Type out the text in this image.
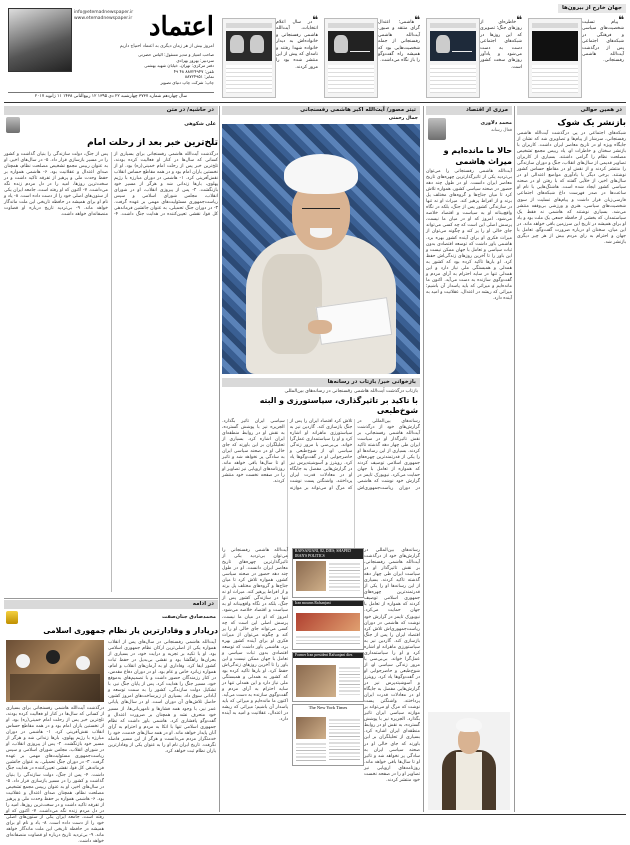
اعتماد
info@etemadnewspaper.ir
www.etemadnewspaper.ir
امروز بیش از هر زمان دیگری به اعتماد احتیاج داریم
صاحب امتیاز و مدیر مسئول: الیاس حضرتی
سردبیر: بهروز بهزادی
دفتر مرکزی: تهران، خیابان شهید بهشتی
تلفن: ۸۸۷۲۴۹۴۷ ۴۸ ۴۹
نمابر: ۸۸۷۲۴۹۵۱
چاپ: شرکت چاپ دنیای تصویر
سال چهاردهم شماره ۳۷۳۷ چهارشنبه ۲۲ دی ۱۳۹۵ ۱۲ ربیع‌الثانی ۱۴۳۸ ۱۱ ژانویه ۲۰۱۷
جهان خارج از بیرون‌ها
❝پیام تسلیت شخصیت‌های سیاسی و فرهنگی در شبکه‌های اجتماعی پس از درگذشت آیت‌الله هاشمی رفسنجانی.
❝خاطره‌ای از روزهای جنگ؛ تصویری که این روزها در شبکه‌های اجتماعی دست به دست می‌شود و یادآور روزهای سخت کشور است.
❝هاشمی؛ اعتدال گرای منتقد و صبور. آیت‌الله هاشمی رفسنجانی از جمله شخصیت‌هایی بود که همیشه راه گفت‌وگو را باز نگاه می‌داشت.
❝در سال اعلام انتخابات، آیت‌الله هاشمی رفسنجانی و خانواده‌اش به دیدار خانواده شهدا رفتند و نامه‌ای که پیش از این منتشر شده بود را مرور کردند.
در همین حوالی
بازنشر یک شوک
شبکه‌های اجتماعی در پی درگذشت آیت‌الله هاشمی رفسنجانی، سرشار از پیام‌ها و تصاویری شد که نشان از جایگاه ویژه او در تاریخ معاصر ایران داشت. کاربران با بازنشر سخنان و خاطرات او، یاد رییس مجمع تشخیص مصلحت نظام را گرامی داشتند. بسیاری از کاربران تصاویر قدیمی از سال‌های انقلاب، جنگ و دوران سازندگی را منتشر کردند و از نقش او در مقاطع حساس کشور نوشتند. برخی دیگر با یادآوری مواضع اعتدالی او در سال‌های اخیر، از خلأیی گفتند که با رفتن او در صحنه سیاسی کشور ایجاد شده است. هاشتگ‌هایی با نام او ساعت‌ها در صدر فهرست داغ شبکه‌های اجتماعی فارسی‌زبان قرار داشت و پیام‌های تسلیت از سوی شخصیت‌های سیاسی، هنری و ورزشی بی‌وقفه منتشر می‌شد. بسیاری نوشتند که هاشمی نه فقط یک سیاستمدار، که بخشی از حافظه جمعی یک ملت بود و یاد او برای همیشه در تاریخ این سرزمین باقی خواهد ماند. در این میان، سخنان او درباره ضرورت گفت‌وگو، تعامل با جهان و احترام به رای مردم بیش از هر چیز دیگری بازنشر شد.
مرزی از اقتصاد
محمد دلاوری
فعال رسانه
حالا ما مانده‌ایم و میراث هاشمی
آیت‌الله هاشمی رفسنجانی را می‌توان بی‌تردید یکی از تاثیرگذارترین چهره‌های تاریخ معاصر ایران دانست. او در طول چند دهه حضور در صحنه سیاسی کشور، همواره تلاش کرد تا میان جناح‌ها و گروه‌های مختلف پل بزند و از افراط پرهیز کند. میراث او نه تنها در سازندگی کشور پس از جنگ، بلکه در نگاه واقع‌بینانه او به سیاست و اقتصاد خلاصه می‌شود. امروز که او در میان ما نیست، پرسش اصلی این است که چه کسی می‌تواند جای خالی او را پر کند و چگونه می‌توان از میراث فکری او برای آینده کشور بهره برد. هاشمی باور داشت که توسعه اقتصادی بدون ثبات سیاسی و تعامل با جهان ممکن نیست و این باور را تا آخرین روزهای زندگی‌اش حفظ کرد. او بارها تاکید کرده بود که کشور به همدلی و همبستگی ملی نیاز دارد و این همدلی تنها در سایه احترام به آرای مردم و گفت‌وگوی سازنده به دست می‌آید. اکنون ما مانده‌ایم و میراثی که باید پاسدار آن باشیم؛ میراثی که ریشه در اعتدال، عقلانیت و امید به آینده دارد.
تیتر مصور/ آیت‌الله اکبر هاشمی رفسنجانی
جمال رحمتی
در حاشیه/ در متن
علی شکوهی
تلخ‌ترین خبر بعد از رحلت امام
درگذشت آیت‌الله هاشمی رفسنجانی برای بسیاری از کسانی که سال‌ها در کنار او فعالیت کرده بودند، تلخ‌ترین خبر پس از رحلت امام خمینی(ره) بود. او از نخستین یاران امام بود و در همه مقاطع حساس انقلاب نقش‌آفرینی کرد. ۱- هاشمی در دوران مبارزه با رژیم پهلوی، بارها زندانی شد و هرگز از مسیر خود بازنگشت. ۲- پس از پیروزی انقلاب، او در شورای انقلاب، مجلس شورای اسلامی و سپس ریاست‌جمهوری مسئولیت‌های مهمی بر عهده گرفت. ۳- در دوران جنگ تحمیلی، به عنوان جانشین فرماندهی کل قوا، نقشی تعیین‌کننده در هدایت جنگ داشت. ۴- پس از جنگ، دولت سازندگی را بنیان گذاشت و کشور را در مسیر بازسازی قرار داد. ۵- در سال‌های اخیر، او به عنوان رییس مجمع تشخیص مصلحت نظام، همچنان صدای اعتدال و عقلانیت بود. ۶- هاشمی همواره بر حفظ وحدت ملی و پرهیز از تفرقه تاکید داشت و در سخت‌ترین روزها، امید را در دل مردم زنده نگه می‌داشت. ۷- اکنون که او رفته است، جامعه ایران یکی از ستون‌های اصلی خود را از دست داده است. ۸- یاد و نام او برای همیشه در حافظه تاریخی این ملت ماندگار خواهد ماند. ۹- بی‌تردید تاریخ درباره او قضاوت منصفانه‌ای خواهد داشت.
بازخوانی خبر/ بازتاب در رسانه‌ها
بازتاب درگذشت آیت‌الله هاشمی رفسنجانی در رسانه‌های بین‌المللی
با تاکید بر تاثیرگذاری، سیاستورزی و البته شوخ‌طبعی
رسانه‌های بین‌المللی در گزارش‌های خود از درگذشت آیت‌الله هاشمی رفسنجانی، بر نقش تاثیرگذار او در سیاست ایران طی چهار دهه گذشته تاکید کردند. بسیاری از این رسانه‌ها او را یکی از قدرتمندترین چهره‌های جمهوری اسلامی توصیف کردند که همواره از تعامل با جهان حمایت می‌کرد. نیویورک تایمز در گزارش خود نوشت که هاشمی در دوران ریاست‌جمهوری‌اش تلاش کرد اقتصاد ایران را پس از جنگ بازسازی کند. گاردین نیز به سیاستورزی ماهرانه او اشاره کرد و او را سیاستمداری عمل‌گرا خواند. بی‌بی‌سی با مرور زندگی سیاسی او، از شوخ‌طبعی و حاضرجوابی او در گفت‌وگوها یاد کرد. رویترز و آسوشیتدپرس نیز در گزارش‌هایی مفصل به جایگاه او در معادلات قدرت ایران پرداختند. واشنگتن پست نوشت که مرگ او می‌تواند بر موازنه سیاسی ایران تاثیر بگذارد. الجزیره نیز با پوشش گسترده، به نقش او در روابط منطقه‌ای ایران اشاره کرد. بسیاری از تحلیلگران بر این باورند که جای خالی او در صحنه سیاسی ایران به سادگی پر نخواهد شد و تاثیر او تا سال‌ها باقی خواهد ماند. روزنامه‌های اروپایی نیز تصاویر او را در صفحه نخست خود منتشر کردند.
RAFSANJANI, 82, DIES; SHAPED IRAN'S POLITICS
Iran mourns Rafsanjani
Former Iran president Rafsanjani dies
The New York Times
رسانه‌های بین‌المللی در گزارش‌های خود از درگذشت آیت‌الله هاشمی رفسنجانی، بر نقش تاثیرگذار او در سیاست ایران طی چهار دهه گذشته تاکید کردند. بسیاری از این رسانه‌ها او را یکی از قدرتمندترین چهره‌های جمهوری اسلامی توصیف کردند که همواره از تعامل با جهان حمایت می‌کرد. نیویورک تایمز در گزارش خود نوشت که هاشمی در دوران ریاست‌جمهوری‌اش تلاش کرد اقتصاد ایران را پس از جنگ بازسازی کند. گاردین نیز به سیاستورزی ماهرانه او اشاره کرد و او را سیاستمداری عمل‌گرا خواند. بی‌بی‌سی با مرور زندگی سیاسی او، از شوخ‌طبعی و حاضرجوابی او در گفت‌وگوها یاد کرد. رویترز و آسوشیتدپرس نیز در گزارش‌هایی مفصل به جایگاه او در معادلات قدرت ایران پرداختند. واشنگتن پست نوشت که مرگ او می‌تواند بر موازنه سیاسی ایران تاثیر بگذارد. الجزیره نیز با پوشش گسترده، به نقش او در روابط منطقه‌ای ایران اشاره کرد. بسیاری از تحلیلگران بر این باورند که جای خالی او در صحنه سیاسی ایران به سادگی پر نخواهد شد و تاثیر او تا سال‌ها باقی خواهد ماند. روزنامه‌های اروپایی نیز تصاویر او را در صفحه نخست خود منتشر کردند.
آیت‌الله هاشمی رفسنجانی را می‌توان بی‌تردید یکی از تاثیرگذارترین چهره‌های تاریخ معاصر ایران دانست. او در طول چند دهه حضور در صحنه سیاسی کشور، همواره تلاش کرد تا میان جناح‌ها و گروه‌های مختلف پل بزند و از افراط پرهیز کند. میراث او نه تنها در سازندگی کشور پس از جنگ، بلکه در نگاه واقع‌بینانه او به سیاست و اقتصاد خلاصه می‌شود. امروز که او در میان ما نیست، پرسش اصلی این است که چه کسی می‌تواند جای خالی او را پر کند و چگونه می‌توان از میراث فکری او برای آینده کشور بهره برد. هاشمی باور داشت که توسعه اقتصادی بدون ثبات سیاسی و تعامل با جهان ممکن نیست و این باور را تا آخرین روزهای زندگی‌اش حفظ کرد. او بارها تاکید کرده بود که کشور به همدلی و همبستگی ملی نیاز دارد و این همدلی تنها در سایه احترام به آرای مردم و گفت‌وگوی سازنده به دست می‌آید. اکنون ما مانده‌ایم و میراثی که باید پاسدار آن باشیم؛ میراثی که ریشه در اعتدال، عقلانیت و امید به آینده دارد.
در ادامه
محمدصادق جنان‌صفت
دریادار و وفادارترین یار نظام جمهوری اسلامی
آیت‌الله هاشمی رفسنجانی در سال‌های پس از انقلاب همواره یکی از اصلی‌ترین ارکان نظام جمهوری اسلامی بود. او با تکیه بر تجربه و درایت خود، در بسیاری از بحران‌ها راهگشا بود و نقشی بی‌بدیل در حفظ ثبات کشور ایفا کرد. وفاداری او به آرمان‌های انقلاب و امام، همواره زبانزد خاص و عام بود. او در دوران دفاع مقدس، در کنار رزمندگان حضور داشت و با تصمیم‌های به‌موقع خود، مسیر جنگ را هدایت کرد. پس از پایان جنگ نیز، با تشکیل دولت سازندگی، کشور را به سمت توسعه و آبادانی سوق داد. بسیاری از زیرساخت‌های امروز کشور، حاصل تلاش‌های آن دوران است. او در سال‌های پایانی عمر نیز، با وجود همه فشارها و نامهربانی‌ها، از مسیر خود منحرف نشد و همچنان بر ضرورت اعتدال و گفت‌وگو پافشاری کرد. هاشمی باور داشت که نظام جمهوری اسلامی تنها با اتکا به مردم و احترام به آرای آنان پایدار خواهد ماند. او در همه سال‌های خدمت، خود را خدمتگزار مردم می‌دانست و هرگز از این مسیر فاصله نگرفت. تاریخ ایران نام او را به عنوان یکی از وفادارترین یاران نظام ثبت خواهد کرد.
درگذشت آیت‌الله هاشمی رفسنجانی برای بسیاری از کسانی که سال‌ها در کنار او فعالیت کرده بودند، تلخ‌ترین خبر پس از رحلت امام خمینی(ره) بود. او از نخستین یاران امام بود و در همه مقاطع حساس انقلاب نقش‌آفرینی کرد. ۱- هاشمی در دوران مبارزه با رژیم پهلوی، بارها زندانی شد و هرگز از مسیر خود بازنگشت. ۲- پس از پیروزی انقلاب، او در شورای انقلاب، مجلس شورای اسلامی و سپس ریاست‌جمهوری مسئولیت‌های مهمی بر عهده گرفت. ۳- در دوران جنگ تحمیلی، به عنوان جانشین فرماندهی کل قوا، نقشی تعیین‌کننده در هدایت جنگ داشت. ۴- پس از جنگ، دولت سازندگی را بنیان گذاشت و کشور را در مسیر بازسازی قرار داد. ۵- در سال‌های اخیر، او به عنوان رییس مجمع تشخیص مصلحت نظام، همچنان صدای اعتدال و عقلانیت بود. ۶- هاشمی همواره بر حفظ وحدت ملی و پرهیز از تفرقه تاکید داشت و در سخت‌ترین روزها، امید را در دل مردم زنده نگه می‌داشت. ۷- اکنون که او رفته است، جامعه ایران یکی از ستون‌های اصلی خود را از دست داده است. ۸- یاد و نام او برای همیشه در حافظه تاریخی این ملت ماندگار خواهد ماند. ۹- بی‌تردید تاریخ درباره او قضاوت منصفانه‌ای خواهد داشت.
